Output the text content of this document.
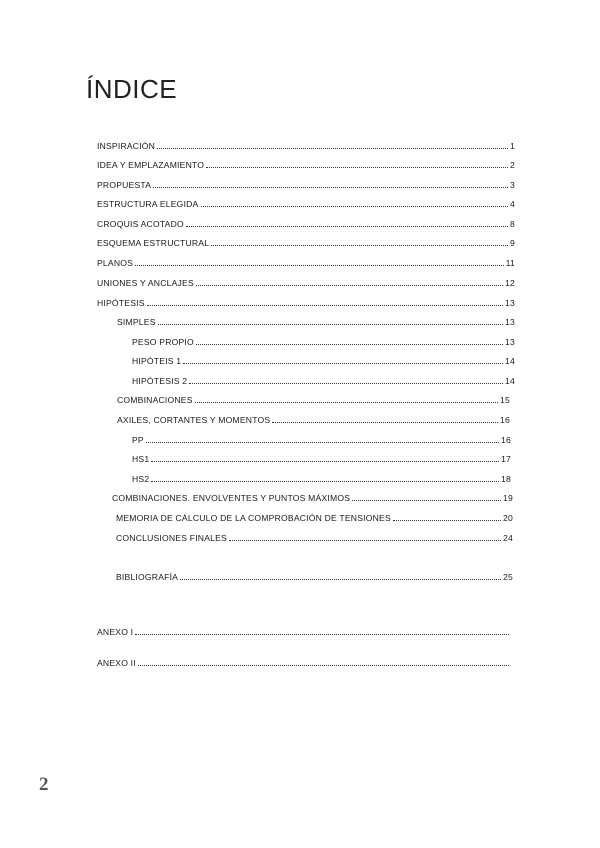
ÍNDICE
INSPIRACIÓN	1
IDEA Y EMPLAZAMIENTO	2
PROPUESTA	3
ESTRUCTURA ELEGIDA	4
CROQUIS ACOTADO	8
ESQUEMA ESTRUCTURAL	9
PLANOS	11
UNIONES Y ANCLAJES	12
HIPÓTESIS	13
SIMPLES	13
PESO PROPIO	13
HIPÓTEIS 1	14
HIPÓTESIS 2	14
COMBINACIONES	15
AXILES, CORTANTES Y MOMENTOS	16
PP	16
HS1	17
HS2	18
COMBINACIONES. ENVOLVENTES Y PUNTOS MÁXIMOS	19
MEMORIA DE CÁLCULO DE LA COMPROBACIÓN DE TENSIONES	20
CONCLUSIONES FINALES	24
BIBLIOGRAFÍA	25
ANEXO I
ANEXO II
2
